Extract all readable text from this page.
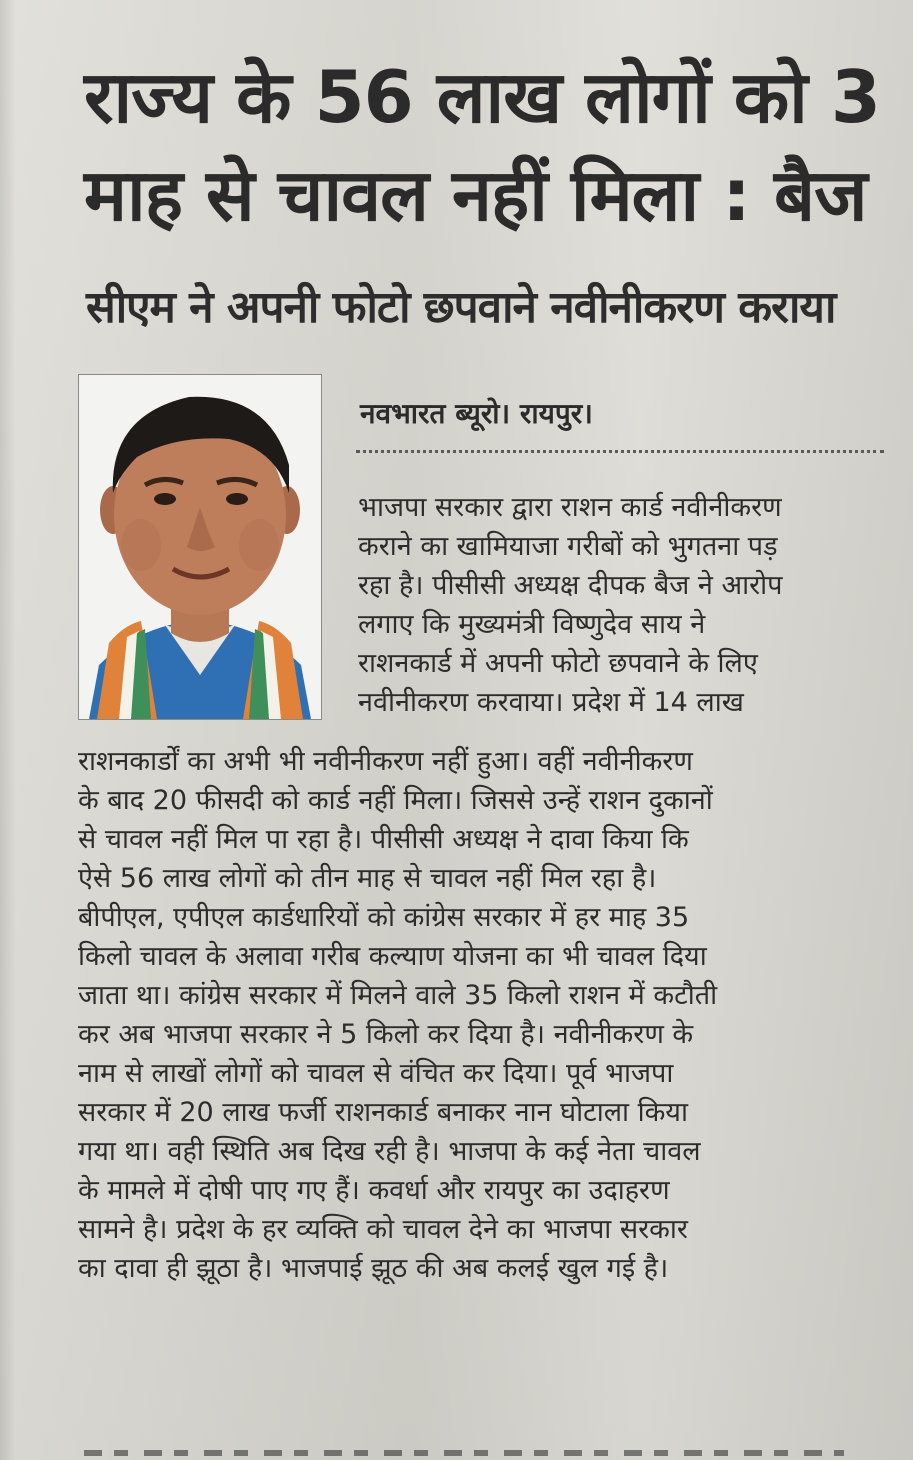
राज्य के 56 लाख लोगों को 3
माह से चावल नहीं मिला : बैज
सीएम ने अपनी फोटो छपवाने नवीनीकरण कराया
नवभारत ब्यूरो। रायपुर।
भाजपा सरकार द्वारा राशन कार्ड नवीनीकरण
कराने का खामियाजा गरीबों को भुगतना पड़
रहा है। पीसीसी अध्यक्ष दीपक बैज ने आरोप
लगाए कि मुख्यमंत्री विष्णुदेव साय ने
राशनकार्ड में अपनी फोटो छपवाने के लिए
नवीनीकरण करवाया। प्रदेश में 14 लाख
राशनकार्डों का अभी भी नवीनीकरण नहीं हुआ। वहीं नवीनीकरण
के बाद 20 फीसदी को कार्ड नहीं मिला। जिससे उन्हें राशन दुकानों
से चावल नहीं मिल पा रहा है। पीसीसी अध्यक्ष ने दावा किया कि
ऐसे 56 लाख लोगों को तीन माह से चावल नहीं मिल रहा है।
बीपीएल, एपीएल कार्डधारियों को कांग्रेस सरकार में हर माह 35
किलो चावल के अलावा गरीब कल्याण योजना का भी चावल दिया
जाता था। कांग्रेस सरकार में मिलने वाले 35 किलो राशन में कटौती
कर अब भाजपा सरकार ने 5 किलो कर दिया है। नवीनीकरण के
नाम से लाखों लोगों को चावल से वंचित कर दिया। पूर्व भाजपा
सरकार में 20 लाख फर्जी राशनकार्ड बनाकर नान घोटाला किया
गया था। वही स्थिति अब दिख रही है। भाजपा के कई नेता चावल
के मामले में दोषी पाए गए हैं। कवर्धा और रायपुर का उदाहरण
सामने है। प्रदेश के हर व्यक्ति को चावल देने का भाजपा सरकार
का दावा ही झूठा है। भाजपाई झूठ की अब कलई खुल गई है।
